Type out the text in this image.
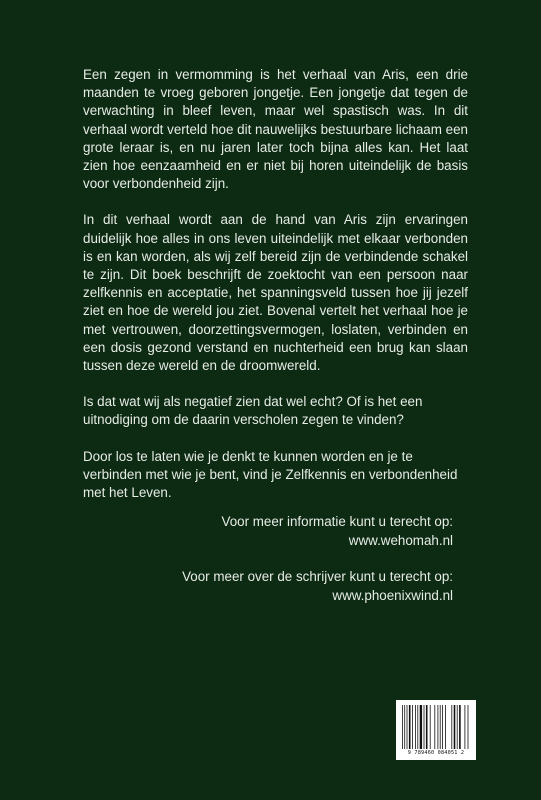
Een zegen in vermomming is het verhaal van Aris, een drie maanden te vroeg geboren jongetje. Een jongetje dat tegen de verwachting in bleef leven, maar wel spastisch was. In dit verhaal wordt verteld hoe dit nauwelijks bestuurbare lichaam een grote leraar is, en nu jaren later toch bijna alles kan. Het laat zien hoe eenzaamheid en er niet bij horen uiteindelijk de basis voor verbondenheid zijn.

In dit verhaal wordt aan de hand van Aris zijn ervaringen duidelijk hoe alles in ons leven uiteindelijk met elkaar verbonden is en kan worden, als wij zelf bereid zijn de verbindende schakel te zijn. Dit boek beschrijft de zoektocht van een persoon naar zelfkennis en acceptatie, het spanningsveld tussen hoe jij jezelf ziet en hoe de wereld jou ziet. Bovenal vertelt het verhaal hoe je met vertrouwen, doorzettingsvermogen, loslaten, verbinden en een dosis gezond verstand en nuchterheid een brug kan slaan tussen deze wereld en de droomwereld.

Is dat wat wij als negatief zien dat wel echt? Of is het een uitnodiging om de daarin verscholen zegen te vinden?

Door los te laten wie je denkt te kunnen worden en je te verbinden met wie je bent, vind je Zelfkennis en verbondenheid met het Leven.

Voor meer informatie kunt u terecht op:
www.wehomah.nl
Voor meer over de schrijver kunt u terecht op:
www.phoenixwind.nl
9 789460 084051 2
